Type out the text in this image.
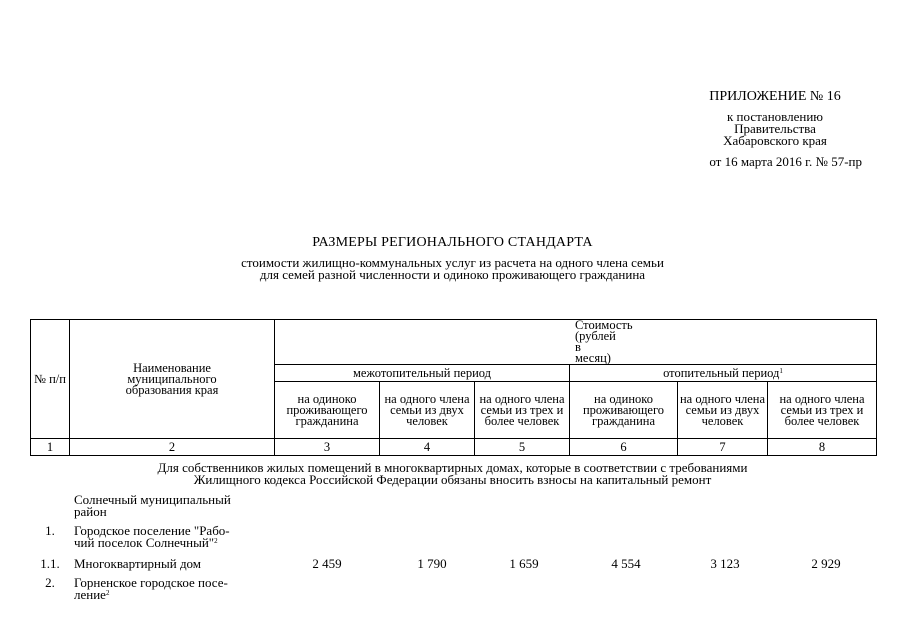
ПРИЛОЖЕНИЕ № 16
к постановлению
Правительства
Хабаровского края
от 16 марта 2016 г. № 57-пр
РАЗМЕРЫ РЕГИОНАЛЬНОГО СТАНДАРТА
стоимости жилищно-коммунальных услуг из расчета на одного члена семьи
для семей разной численности и одиноко проживающего гражданина
№ п/п	Наименование муниципального образования края	Стоимость (рублей в месяц)					
		межотопительный период			отопительный период$^1$
		на одиноко проживающего гражданина	на одного члена семьи из двух человек	на одного члена семьи из трех и более человек	на одиноко проживающего гражданина	на одного члена семьи из двух человек	на одного члена семьи из трех и более человек
1	2	3	4	5	6	7	8
Для собственников жилых помещений в многоквартирных домах, которые в соответствии с требованиями
Жилищного кодекса Российской Федерации обязаны вносить взносы на капитальный ремонт
Солнечный муниципальный
район
1.	Городское поселение "Рабо-
чий поселок Солнечный"$^2$
1.1.	Многоквартирный дом	2 459	1 790	1 659	4 554	3 123	2 929
2.	Горненское городское посе-
ление$^2$
